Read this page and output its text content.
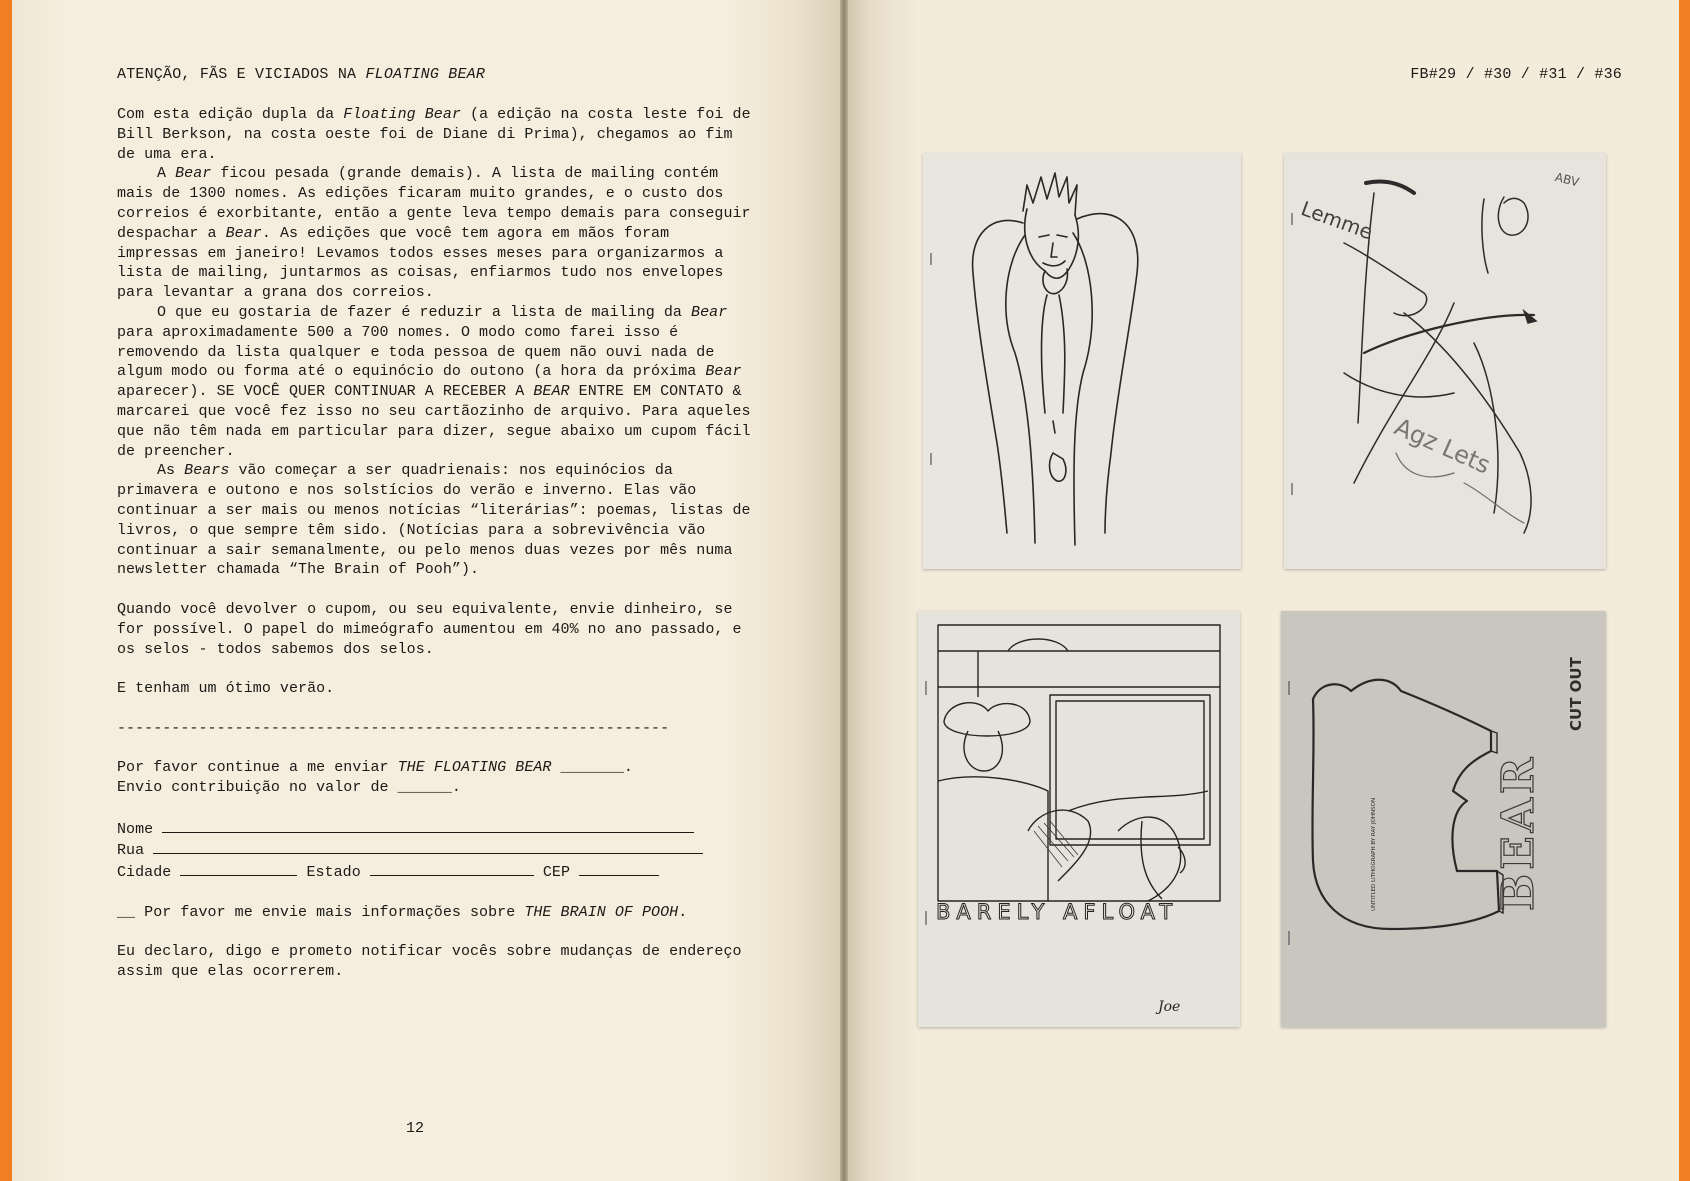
ATENÇÃO, FÃS E VICIADOS NA FLOATING BEAR	FB#29 / #30 / #31 / #36

Com esta edição dupla da Floating Bear (a edição na costa leste foi de Bill Berkson, na costa oeste foi de Diane di Prima), chegamos ao fim de uma era.

A Bear ficou pesada (grande demais). A lista de mailing contém mais de 1300 nomes. As edições ficaram muito grandes, e o custo dos correios é exorbitante, então a gente leva tempo demais para conseguir despachar a Bear. As edições que você tem agora em mãos foram impressas em janeiro! Levamos todos esses meses para organizarmos a lista de mailing, juntarmos as coisas, enfiarmos tudo nos envelopes para levantar a grana dos correios.

O que eu gostaria de fazer é reduzir a lista de mailing da Bear para aproximadamente 500 a 700 nomes. O modo como farei isso é removendo da lista qualquer e toda pessoa de quem não ouvi nada de algum modo ou forma até o equinócio do outono (a hora da próxima Bear aparecer). SE VOCÊ QUER CONTINUAR A RECEBER A BEAR ENTRE EM CONTATO & marcarei que você fez isso no seu cartãozinho de arquivo. Para aqueles que não têm nada em particular para dizer, segue abaixo um cupom fácil de preencher.

As Bears vão começar a ser quadrienais: nos equinócios da primavera e outono e nos solstícios do verão e inverno. Elas vão continuar a ser mais ou menos notícias “literárias”: poemas, listas de livros, o que sempre têm sido. (Notícias para a sobrevivência vão continuar a sair semanalmente, ou pelo menos duas vezes por mês numa newsletter chamada “The Brain of Pooh”).

Quando você devolver o cupom, ou seu equivalente, envie dinheiro, se for possível. O papel do mimeógrafo aumentou em 40% no ano passado, e os selos - todos sabemos dos selos.

E tenham um ótimo verão.

-------------------------------------------------------------

Por favor continue a me enviar THE FLOATING BEAR _______.

Envio contribuição no valor de ______.

Nome
Rua
Cidade	Estado	CEP

__ Por favor me envie mais informações sobre THE BRAIN OF POOH.

Eu declaro, digo e prometo notificar vocês sobre mudanças de endereço assim que elas ocorrerem.

12
Lemme
Agz Lets
ABV
BARELY AFLOAT
Joe
BEAR
CUT OUT
UNTITLED LITHOGRAPH BY RAY JOHNSON
